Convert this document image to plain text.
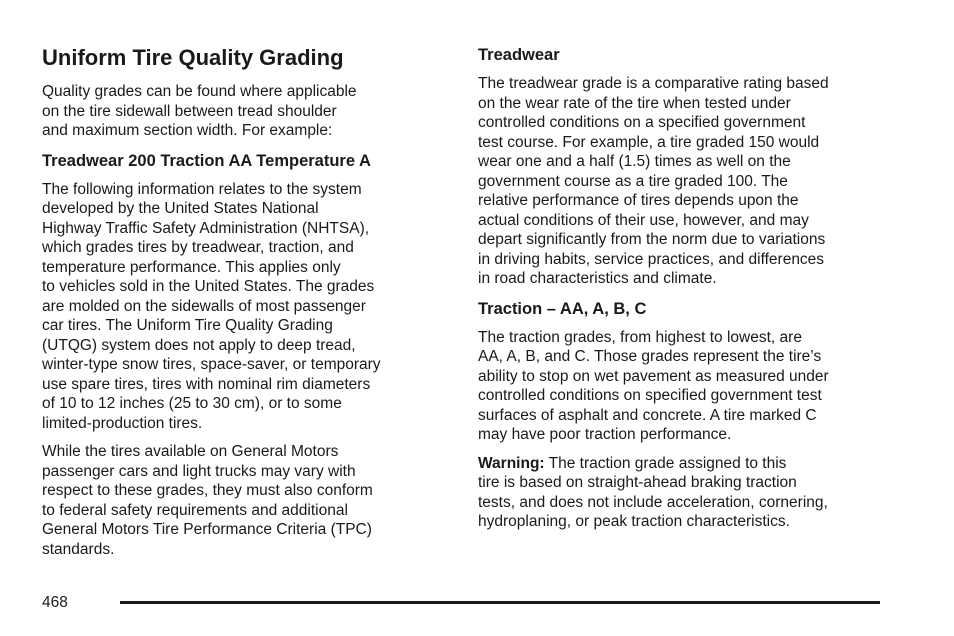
Uniform Tire Quality Grading

Quality grades can be found where applicable
on the tire sidewall between tread shoulder
and maximum section width. For example:

Treadwear 200 Traction AA Temperature A

The following information relates to the system
developed by the United States National
Highway Traffic Safety Administration (NHTSA),
which grades tires by treadwear, traction, and
temperature performance. This applies only
to vehicles sold in the United States. The grades
are molded on the sidewalls of most passenger
car tires. The Uniform Tire Quality Grading
(UTQG) system does not apply to deep tread,
winter-type snow tires, space-saver, or temporary
use spare tires, tires with nominal rim diameters
of 10 to 12 inches (25 to 30 cm), or to some
limited-production tires.

While the tires available on General Motors
passenger cars and light trucks may vary with
respect to these grades, they must also conform
to federal safety requirements and additional
General Motors Tire Performance Criteria (TPC)
standards.

Treadwear

The treadwear grade is a comparative rating based
on the wear rate of the tire when tested under
controlled conditions on a specified government
test course. For example, a tire graded 150 would
wear one and a half (1.5) times as well on the
government course as a tire graded 100. The
relative performance of tires depends upon the
actual conditions of their use, however, and may
depart significantly from the norm due to variations
in driving habits, service practices, and differences
in road characteristics and climate.

Traction – AA, A, B, C

The traction grades, from highest to lowest, are
AA, A, B, and C. Those grades represent the tire’s
ability to stop on wet pavement as measured under
controlled conditions on specified government test
surfaces of asphalt and concrete. A tire marked C
may have poor traction performance.

Warning: The traction grade assigned to this
tire is based on straight-ahead braking traction
tests, and does not include acceleration, cornering,
hydroplaning, or peak traction characteristics.

468
